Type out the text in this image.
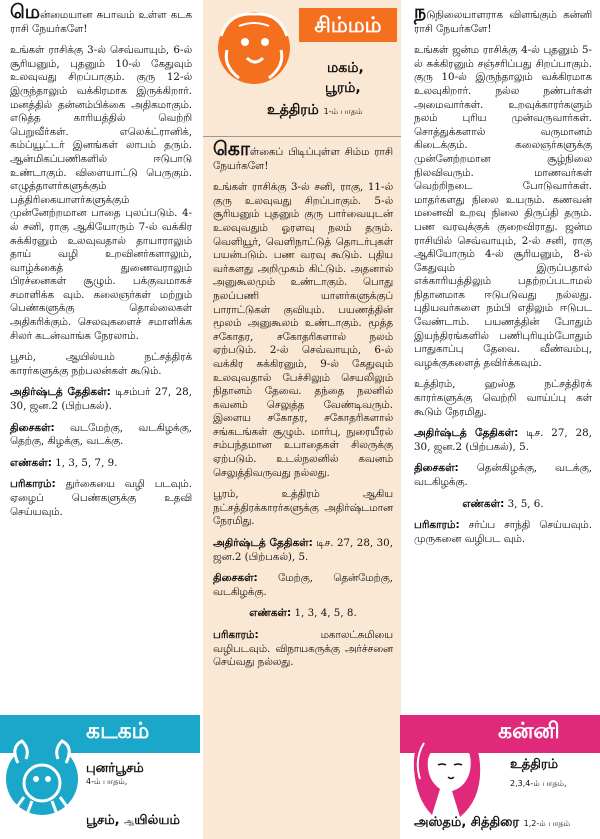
மென்மையான சுபாவம் உள்ள கடக ராசி நேயர்களே!

உங்கள் ராசிக்கு 3-ல் செவ்வாயும், 6-ல் சூரியனும், புதனும் 10-ல் கேதுவும் உலவுவது சிறப்பாகும். குரு 12-ல் இருந்தாலும் வக்கிரமாக இருக்கிறார். மனத்தில் தன்னம்பிக்கை அதிகமாகும். எடுத்த காரியத்தில் வெற்றி பெறுவீர்கள். எலெக்ட்ரானிக், கம்ப்யூட்டர் இனங்கள் லாபம் தரும். ஆன்மிகப்பணிகளில் ஈடுபாடு உண்டாகும். விளையாட்டு பெருகும். எழுத்தாளர்களுக்கும் பத்திரிகையாளர்களுக்கும் முன்னேற்றமான பாதை புலப்படும். 4-ல் சனி, ராகு ஆகியோரும் 7-ல் வக்கிர சுக்கிரனும் உலவுவதால் தாயாராலும் தாய் வழி உறவினர்களாலும், வாழ்க்கைத் துணைவராலும் பிரச்னைகள் சூழும். பக்குவமாகச் சமாளிக்க வும். கலைஞர்கள் மற்றும் பெண்களுக்கு தொல்லைகள் அதிகரிக்கும். செலவுகளைச் சமாளிக்க சிலர் கடன்வாங்க நேரலாம்.

பூசம், ஆயில்யம் நட்சத்திரக் காரர்களுக்கு நற்பலன்கள் கூடும்.

அதிர்ஷ்டத் தேதிகள்: டிசம்பர் 27, 28, 30, ஜன.2 (பிற்பகல்).

திசைகள்: வடமேற்கு, வடகிழக்கு, தெற்கு, கிழக்கு, வடக்கு.

எண்கள்: 1, 3, 5, 7, 9.

பரிகாரம்: துர்கையை வழி படவும். ஏழைப் பெண்களுக்கு உதவி செய்யவும்.

சிம்மம்
மகம்,
பூரம்,
உத்திரம் 1-ம் பாதம்

கொள்கைப் பிடிப்புள்ள சிம்ம ராசி நேயர்களே!

உங்கள் ராசிக்கு 3-ல் சனி, ராகு, 11-ல் குரு உலவுவது சிறப்பாகும். 5-ல் சூரியனும் புதனும் குரு பார்வையுடன் உலவுவதும் ஓரளவு நலம் தரும். வெளியூர், வெளிநாட்டுத் தொடர்புகள் பயன்படும். பண வரவு கூடும். புதிய வர்களது அறிமுகம் கிட்டும். அதனால் அனுகூலமும் உண்டாகும். பொது நலப்பணி யாளர்களுக்குப் பாராட்டுகள் குவியும். பயணத்தின் மூலம் அனுகூலம் உண்டாகும். மூத்த சகோதர, சகோதரிகளால் நலம் ஏற்படும். 2-ல் செவ்வாயும், 6-ல் வக்கிர சுக்கிரனும், 9-ல் கேதுவும் உலவுவதால் பேச்சிலும் செயலிலும் நிதானம் தேவை. தந்தை நலனில் கவனம் செலுத்த வேண்டிவரும். இளைய சகோதர, சகோதரிகளால் சங்கடங்கள் சூழும். மார்பு, நுரையீரல் சம்பந்தமான உபாதைகள் சிலருக்கு ஏற்படும். உடல்நலனில் கவனம் செலுத்திவருவது நல்லது.

பூரம், உத்திரம் ஆகிய நட்சத்திரக்காரர்களுக்கு அதிர்ஷ்டமான நேரமிது.

அதிர்ஷ்டத் தேதிகள்: டிச. 27, 28, 30, ஜன.2 (பிற்பகல்), 5.

திசைகள்: மேற்கு, தென்மேற்கு, வடகிழக்கு.

எண்கள்: 1, 3, 4, 5, 8.

பரிகாரம்:	மகாலட்சுமியை வழிபடவும். விநாயகருக்கு அர்ச்சனை செய்வது நல்லது.

நடுநிலையாளராக விளங்கும் கன்னி ராசி நேயர்களே!

உங்கள் ஜன்ம ராசிக்கு 4-ல் புதனும் 5-ல் சுக்கிரனும் சஞ்சரிப்பது சிறப்பாகும். குரு 10-ல் இருந்தாலும் வக்கிரமாக உலவுகிறார். நல்ல நண்பர்கள் அமைவார்கள். உறவுக்காரர்களும் நலம் புரிய முன்வருவார்கள். சொத்துக்களால் வருமானம் கிடைக்கும். கலைஞர்களுக்கு முன்னேற்றமான சூழ்நிலை நிலவிவரும். மாணவர்கள் வெற்றிநடை போடுவார்கள். மாதர்களது நிலை உயரும். கணவன் மனைவி உறவு நிலை திருப்தி தரும். பண வரவுக்குக் குறைவிராது. ஜன்ம ராசியில் செவ்வாயும், 2-ல் சனி, ராகு ஆகியோரும் 4-ல் சூரியனும், 8-ல் கேதுவும் இருப்பதால் எக்காரியத்திலும் பதற்றப்படாமல் நிதானமாக ஈடுபடுவது நல்லது. புதியவர்களை நம்பி எதிலும் ஈடுபட வேண்டாம். பயணத்தின் போதும் இயந்திரங்களில் பணிபுரியும்போதும் பாதுகாப்பு தேவை. வீண்வம்பு, வழக்குகளைத் தவிர்க்கவும்.

உத்திரம், ஹஸ்த நட்சத்திரக் காரர்களுக்கு வெற்றி வாய்ப்பு கள் கூடும் நேரமிது.

அதிர்ஷ்டத் தேதிகள்: டிச. 27, 28, 30, ஜன.2 (பிற்பகல்), 5.

திசைகள்: தென்கிழக்கு, வடக்கு, வடகிழக்கு.

எண்கள்: 3, 5, 6.

பரிகாரம்: சர்ப்ப சாந்தி செய்யவும். முருகனை வழிபட வும்.

கடகம்
புனர்பூசம்
4-ம் பாதம்,
பூசம், ஆயில்யம்
கன்னி
உத்திரம்
2,3,4-ம் பாதம்,
அஸ்தம், சித்திரை 1,2-ம் பாதம்
